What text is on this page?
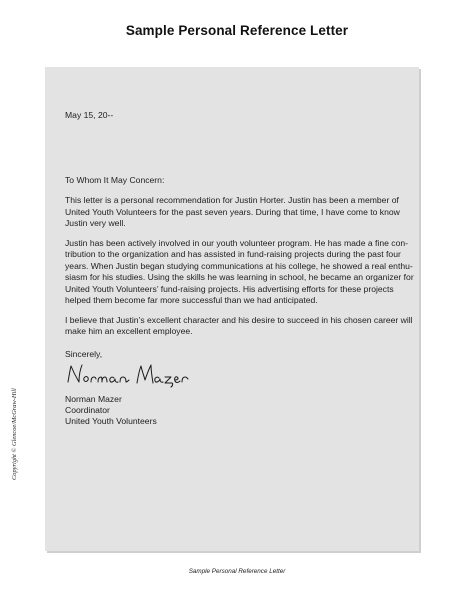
Sample Personal Reference Letter

May 15, 20--

To Whom It May Concern:

This letter is a personal recommendation for Justin Horter. Justin has been a member of
United Youth Volunteers for the past seven years. During that time, I have come to know
Justin very well.

Justin has been actively involved in our youth volunteer program. He has made a fine con-
tribution to the organization and has assisted in fund-raising projects during the past four
years. When Justin began studying communications at his college, he showed a real enthu-
siasm for his studies. Using the skills he was learning in school, he became an organizer for
United Youth Volunteers’ fund-raising projects. His advertising efforts for these projects
helped them become far more successful than we had anticipated.

I believe that Justin’s excellent character and his desire to succeed in his chosen career will
make him an excellent employee.

Sincerely,

Norman Mazer
Coordinator
United Youth Volunteers
Copyright © Glencoe/McGraw-Hill
Sample Personal Reference Letter
